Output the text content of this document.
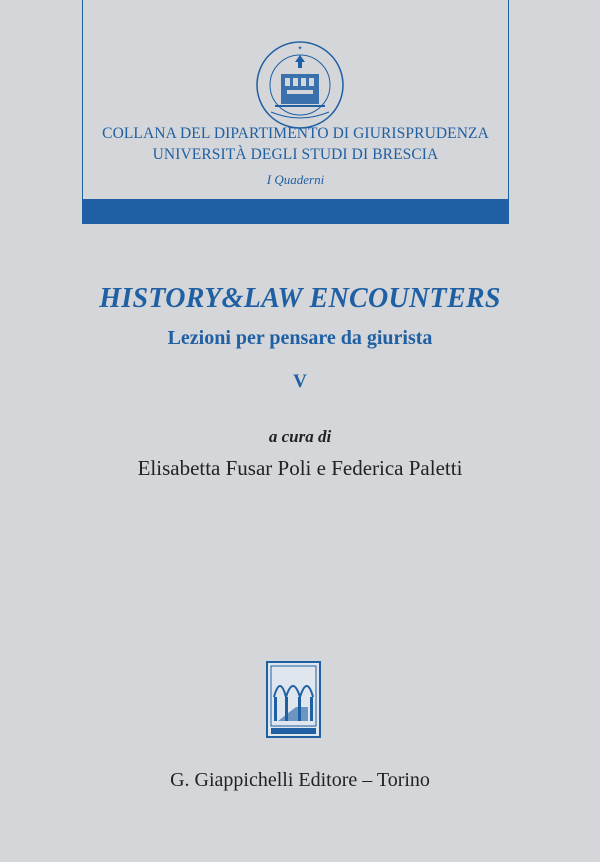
✦
COLLANA DEL DIPARTIMENTO DI GIURISPRUDENZA
UNIVERSITÀ DEGLI STUDI DI BRESCIA
I Quaderni
HISTORY&LAW ENCOUNTERS
Lezioni per pensare da giurista
V
a cura di
Elisabetta Fusar Poli e Federica Paletti
G. Giappichelli Editore – Torino
